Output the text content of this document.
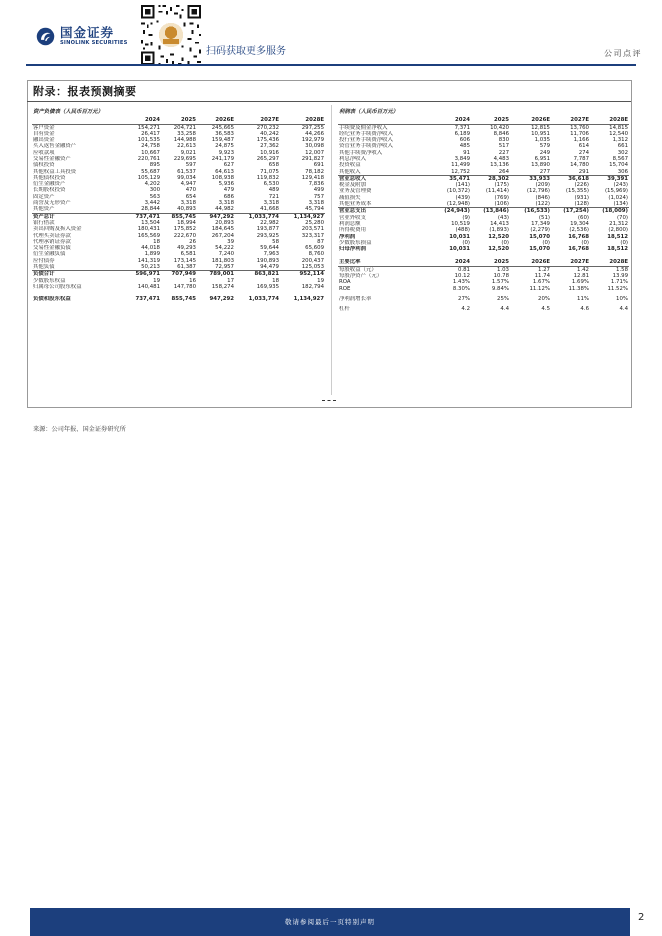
国金证券
SINOLINK SECURITIES
扫码获取更多服务	公司点评
附录：报表预测摘要
资产负债表（人民币百万元）					
	2024	2025	2026E	2027E	2028E
客户资金	154,271	204,721	245,665	270,232	297,255
自有资金	26,417	33,258	36,583	40,242	44,266
融出资金	101,535	144,988	159,487	175,436	192,979
买入返售金融资产	24,758	22,613	24,875	27,362	30,098
应收款项	10,667	9,021	9,923	10,916	12,007
交易性金融资产	220,761	229,695	241,179	265,297	291,827
债权投资	895	597	627	658	691
其他权益工具投资	55,687	61,537	64,613	71,075	78,182
其他债权投资	105,129	99,034	108,938	119,832	129,418
衍生金融资产	4,202	4,947	5,936	6,530	7,836
长期股权投资	300	470	479	489	499
固定资产	563	654	686	721	757
商誉及无形资产	3,442	3,318	3,318	3,318	3,318
其他资产	28,844	40,893	44,982	41,668	45,794
资产总计	737,471	855,745	947,292	1,033,774	1,134,927
银行借款	13,504	18,994	20,893	22,982	25,280
卖出回购及拆入资金	180,431	175,852	184,645	193,877	203,571
代理买卖证券款	165,569	222,670	267,204	293,925	323,317
代理承销证券款	18	26	39	58	87
交易性金融负债	44,018	49,293	54,222	59,644	65,609
衍生金融负债	1,899	6,581	7,240	7,963	8,760
应付债券	141,319	173,145	181,803	190,893	200,437
其他负债	50,213	61,387	72,957	94,479	125,053
负债合计	596,971	707,949	789,001	863,821	952,114
少数股东权益	19	16	17	18	19
归属母公司股东权益	140,481	147,780	158,274	169,935	182,794

负债和股东权益	737,471	855,745	947,292	1,033,774	1,134,927
利润表（人民币百万元）					
	2024	2025	2026E	2027E	2028E
手续费及佣金净收入	7,371	10,420	12,815	13,760	14,815
经纪业务手续费净收入	6,189	8,846	10,951	11,706	12,540
投行业务手续费净收入	606	830	1,035	1,166	1,312
资管业务手续费净收入	485	517	579	614	661
其他手续费净收入	91	227	249	274	302
利息净收入	3,849	4,483	6,951	7,787	8,567
投资收益	11,499	13,136	13,890	14,780	15,704
其他收入	12,752	264	277	291	306
营业总收入	35,471	28,302	33,933	36,618	39,391
税金及附加	(141)	(175)	(209)	(226)	(243)
业务及管理费	(10,372)	(11,414)	(12,796)	(15,355)	(15,969)
减值损失	(439)	(769)	(846)	(931)	(1,024)
其他业务成本	(12,948)	(106)	(122)	(128)	(134)
营业总支出	(24,943)	(13,846)	(16,533)	(17,254)	(18,009)
营业外收支	(9)	(43)	(51)	(60)	(70)
利润总额	10,519	14,413	17,349	19,304	21,312
所得税费用	(488)	(1,893)	(2,279)	(2,536)	(2,800)
净利润	10,031	12,520	15,070	16,768	18,512
少数股东损益	(0)	(0)	(0)	(0)	(0)
归母净利润	10,031	12,520	15,070	16,768	18,512

主要比率	2024	2025	2026E	2027E	2028E
每股收益（元）	0.81	1.03	1.27	1.42	1.58
每股净资产（元）	10.12	10.78	11.74	12.81	13.99
ROA	1.43%	1.57%	1.67%	1.69%	1.71%
ROE	8.30%	9.84%	11.12%	11.38%	11.52%

净利润增长率	27%	25%	20%	11%	10%

杠杆	4.2	4.4	4.5	4.6	4.4
来源：公司年报、国金证券研究所
敬请参阅最后一页特别声明	2
